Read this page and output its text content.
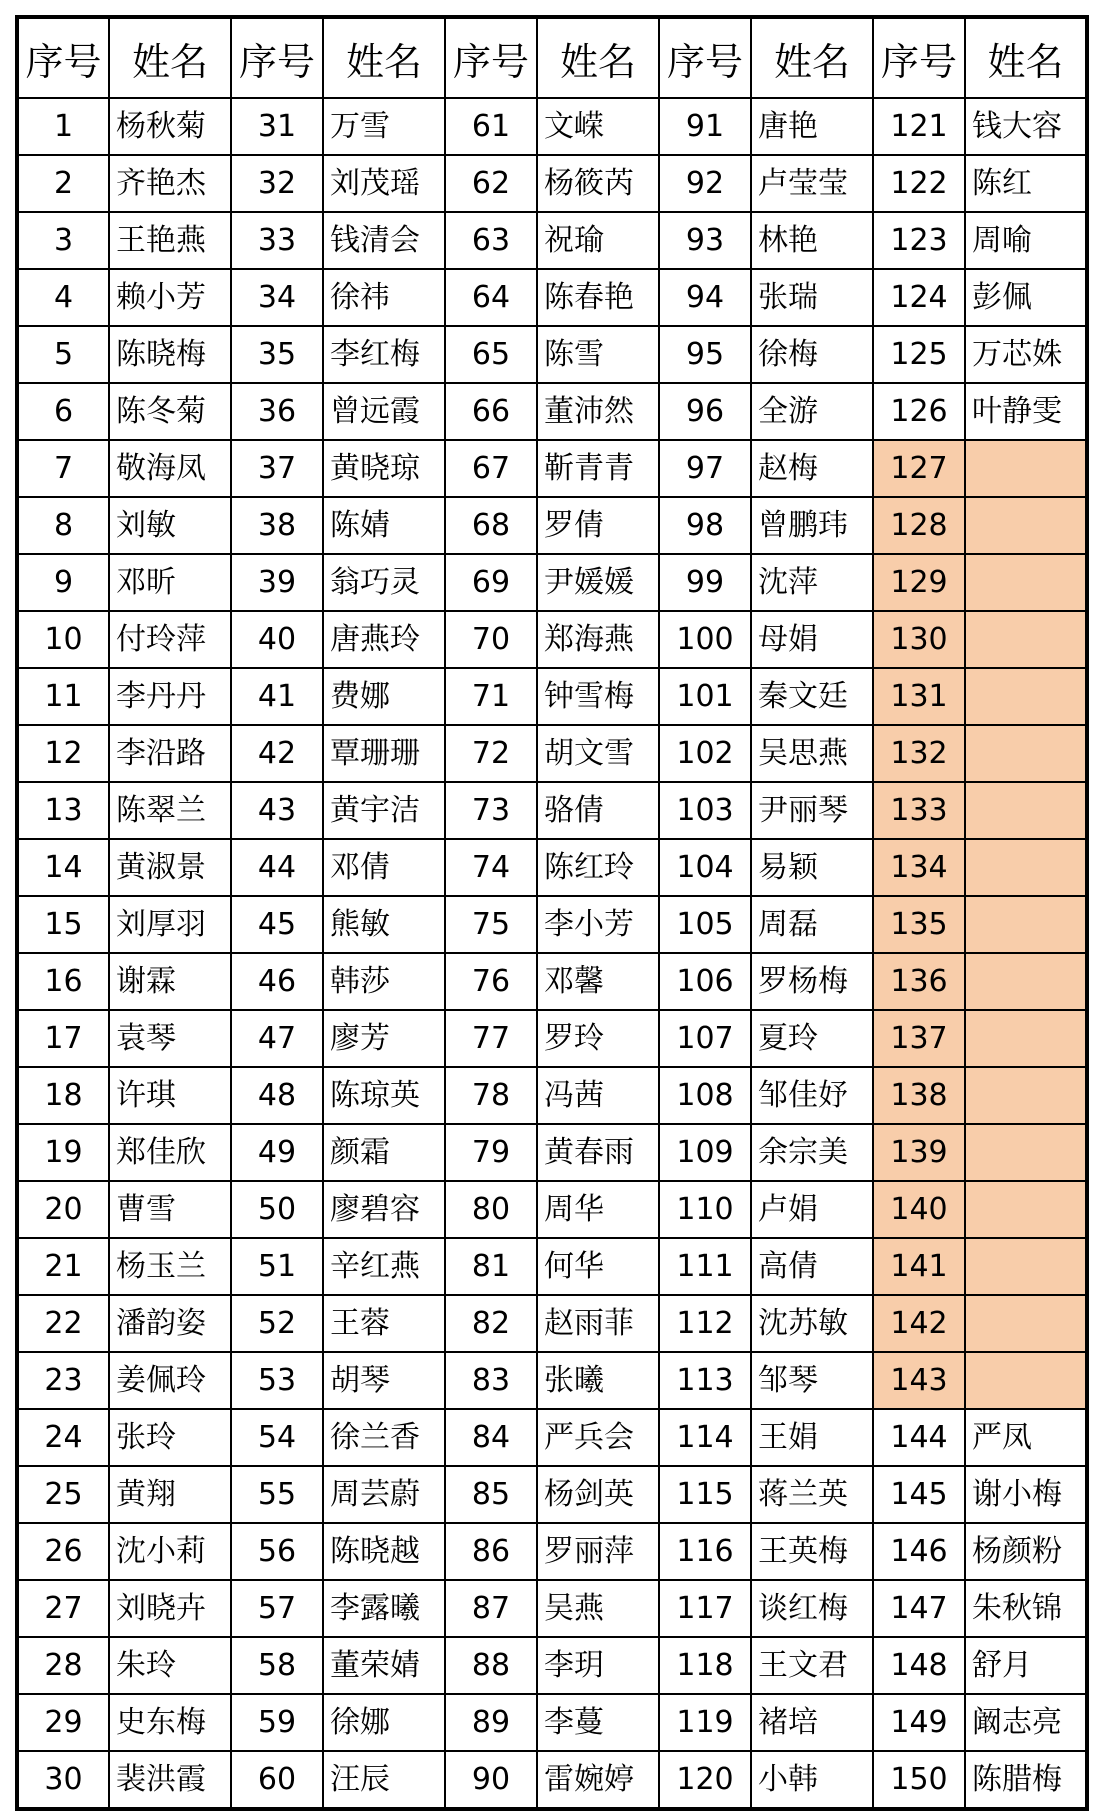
序号	姓名	序号	姓名	序号	姓名	序号	姓名	序号	姓名
1	杨秋菊	31	万雪	61	文嵘	91	唐艳	121	钱大容
2	齐艳杰	32	刘茂瑶	62	杨筱芮	92	卢莹莹	122	陈红
3	王艳燕	33	钱清会	63	祝瑜	93	林艳	123	周喻
4	赖小芳	34	徐祎	64	陈春艳	94	张瑞	124	彭佩
5	陈晓梅	35	李红梅	65	陈雪	95	徐梅	125	万芯姝
6	陈冬菊	36	曾远霞	66	董沛然	96	全游	126	叶静雯
7	敬海凤	37	黄晓琼	67	靳青青	97	赵梅	127	
8	刘敏	38	陈婧	68	罗倩	98	曾鹏玮	128	
9	邓昕	39	翁巧灵	69	尹媛媛	99	沈萍	129	
10	付玲萍	40	唐燕玲	70	郑海燕	100	母娟	130	
11	李丹丹	41	费娜	71	钟雪梅	101	秦文廷	131	
12	李沿路	42	覃珊珊	72	胡文雪	102	吴思燕	132	
13	陈翠兰	43	黄宇洁	73	骆倩	103	尹丽琴	133	
14	黄淑景	44	邓倩	74	陈红玲	104	易颖	134	
15	刘厚羽	45	熊敏	75	李小芳	105	周磊	135	
16	谢霖	46	韩莎	76	邓馨	106	罗杨梅	136	
17	袁琴	47	廖芳	77	罗玲	107	夏玲	137	
18	许琪	48	陈琼英	78	冯茜	108	邹佳妤	138	
19	郑佳欣	49	颜霜	79	黄春雨	109	余宗美	139	
20	曹雪	50	廖碧容	80	周华	110	卢娟	140	
21	杨玉兰	51	辛红燕	81	何华	111	高倩	141	
22	潘韵姿	52	王蓉	82	赵雨菲	112	沈苏敏	142	
23	姜佩玲	53	胡琴	83	张曦	113	邹琴	143	
24	张玲	54	徐兰香	84	严兵会	114	王娟	144	严凤
25	黄翔	55	周芸蔚	85	杨剑英	115	蒋兰英	145	谢小梅
26	沈小莉	56	陈晓越	86	罗丽萍	116	王英梅	146	杨颜粉
27	刘晓卉	57	李露曦	87	吴燕	117	谈红梅	147	朱秋锦
28	朱玲	58	董荣婧	88	李玥	118	王文君	148	舒月
29	史东梅	59	徐娜	89	李蔓	119	褚培	149	阚志亮
30	裴洪霞	60	汪辰	90	雷婉婷	120	小韩	150	陈腊梅
